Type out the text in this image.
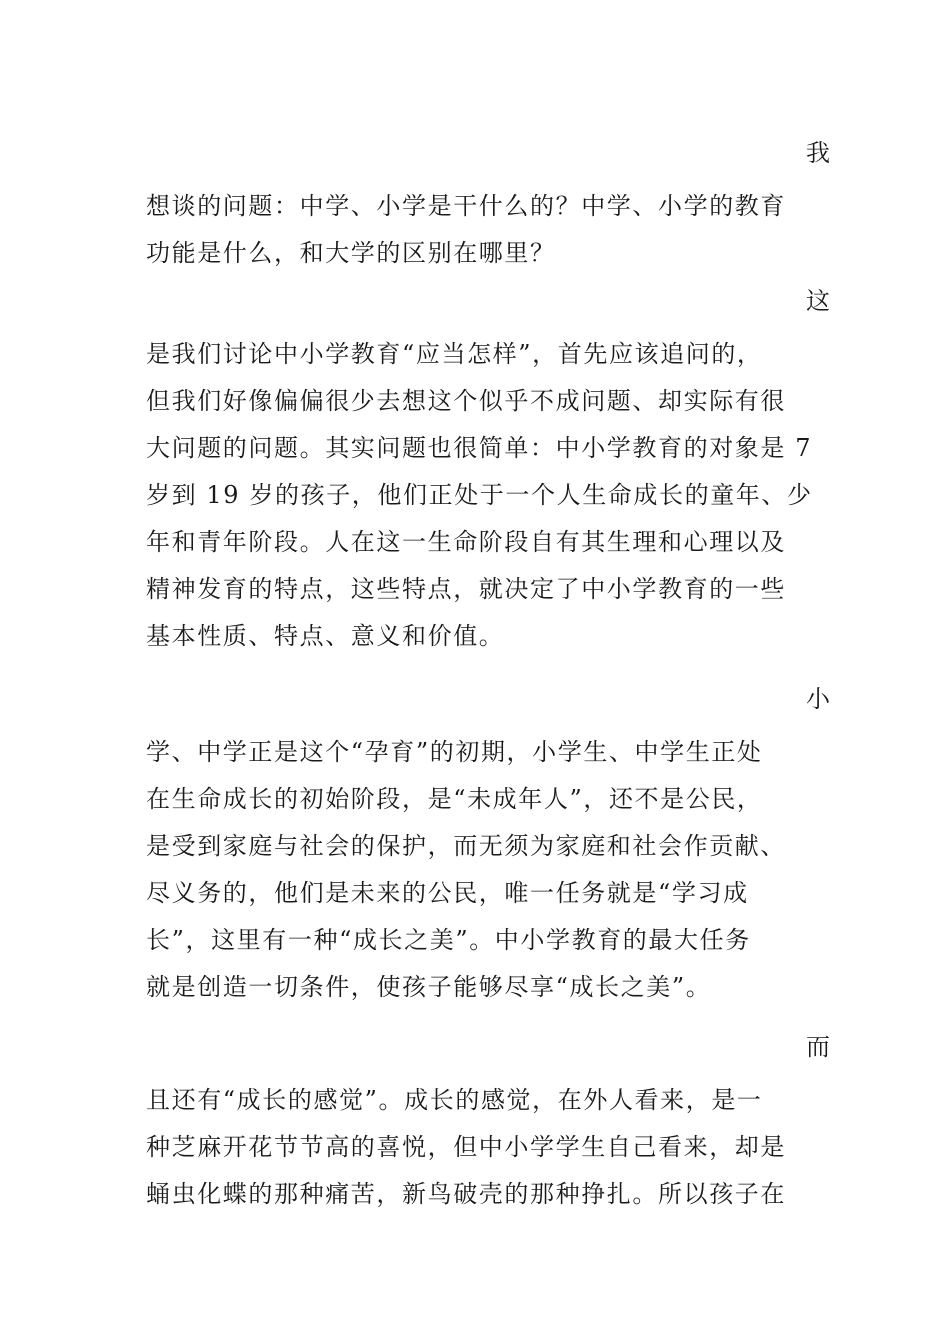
我
想谈的问题：中学、小学是干什么的？中学、小学的教育
功能是什么，和大学的区别在哪里？
这
是我们讨论中小学教育“应当怎样”，首先应该追问的，
但我们好像偏偏很少去想这个似乎不成问题、却实际有很
大问题的问题。其实问题也很简单：中小学教育的对象是 7
岁到 19 岁的孩子，他们正处于一个人生命成长的童年、少
年和青年阶段。人在这一生命阶段自有其生理和心理以及
精神发育的特点，这些特点，就决定了中小学教育的一些
基本性质、特点、意义和价值。
小
学、中学正是这个“孕育”的初期，小学生、中学生正处
在生命成长的初始阶段，是“未成年人”，还不是公民，
是受到家庭与社会的保护，而无须为家庭和社会作贡献、
尽义务的，他们是未来的公民，唯一任务就是“学习成
长”，这里有一种“成长之美”。中小学教育的最大任务
就是创造一切条件，使孩子能够尽享“成长之美”。
而
且还有“成长的感觉”。成长的感觉，在外人看来，是一
种芝麻开花节节高的喜悦，但中小学学生自己看来，却是
蛹虫化蝶的那种痛苦，新鸟破壳的那种挣扎。所以孩子在
